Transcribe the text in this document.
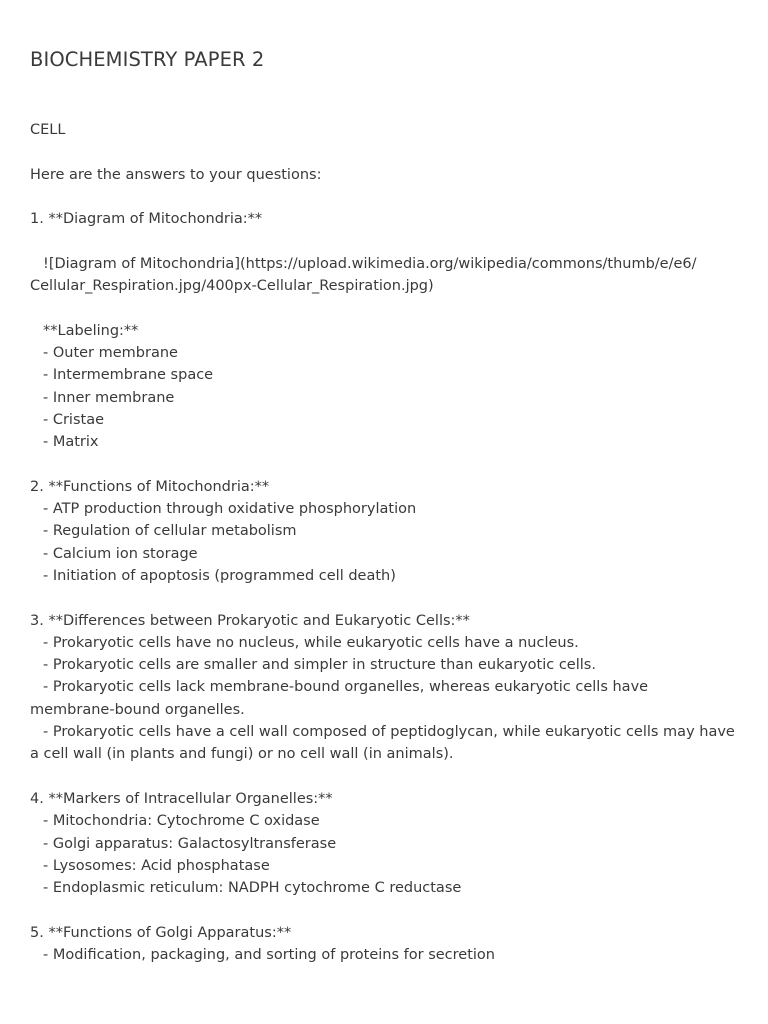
BIOCHEMISTRY PAPER 2
CELL
Here are the answers to your questions:
1. **Diagram of Mitochondria:**
![Diagram of Mitochondria](https://upload.wikimedia.org/wikipedia/commons/thumb/e/e6/
Cellular_Respiration.jpg/400px-Cellular_Respiration.jpg)
**Labeling:**
- Outer membrane
- Intermembrane space
- Inner membrane
- Cristae
- Matrix
2. **Functions of Mitochondria:**
- ATP production through oxidative phosphorylation
- Regulation of cellular metabolism
- Calcium ion storage
- Initiation of apoptosis (programmed cell death)
3. **Differences between Prokaryotic and Eukaryotic Cells:**
- Prokaryotic cells have no nucleus, while eukaryotic cells have a nucleus.
- Prokaryotic cells are smaller and simpler in structure than eukaryotic cells.
- Prokaryotic cells lack membrane-bound organelles, whereas eukaryotic cells have
membrane-bound organelles.
- Prokaryotic cells have a cell wall composed of peptidoglycan, while eukaryotic cells may have
a cell wall (in plants and fungi) or no cell wall (in animals).
4. **Markers of Intracellular Organelles:**
- Mitochondria: Cytochrome C oxidase
- Golgi apparatus: Galactosyltransferase
- Lysosomes: Acid phosphatase
- Endoplasmic reticulum: NADPH cytochrome C reductase
5. **Functions of Golgi Apparatus:**
- Modification, packaging, and sorting of proteins for secretion
